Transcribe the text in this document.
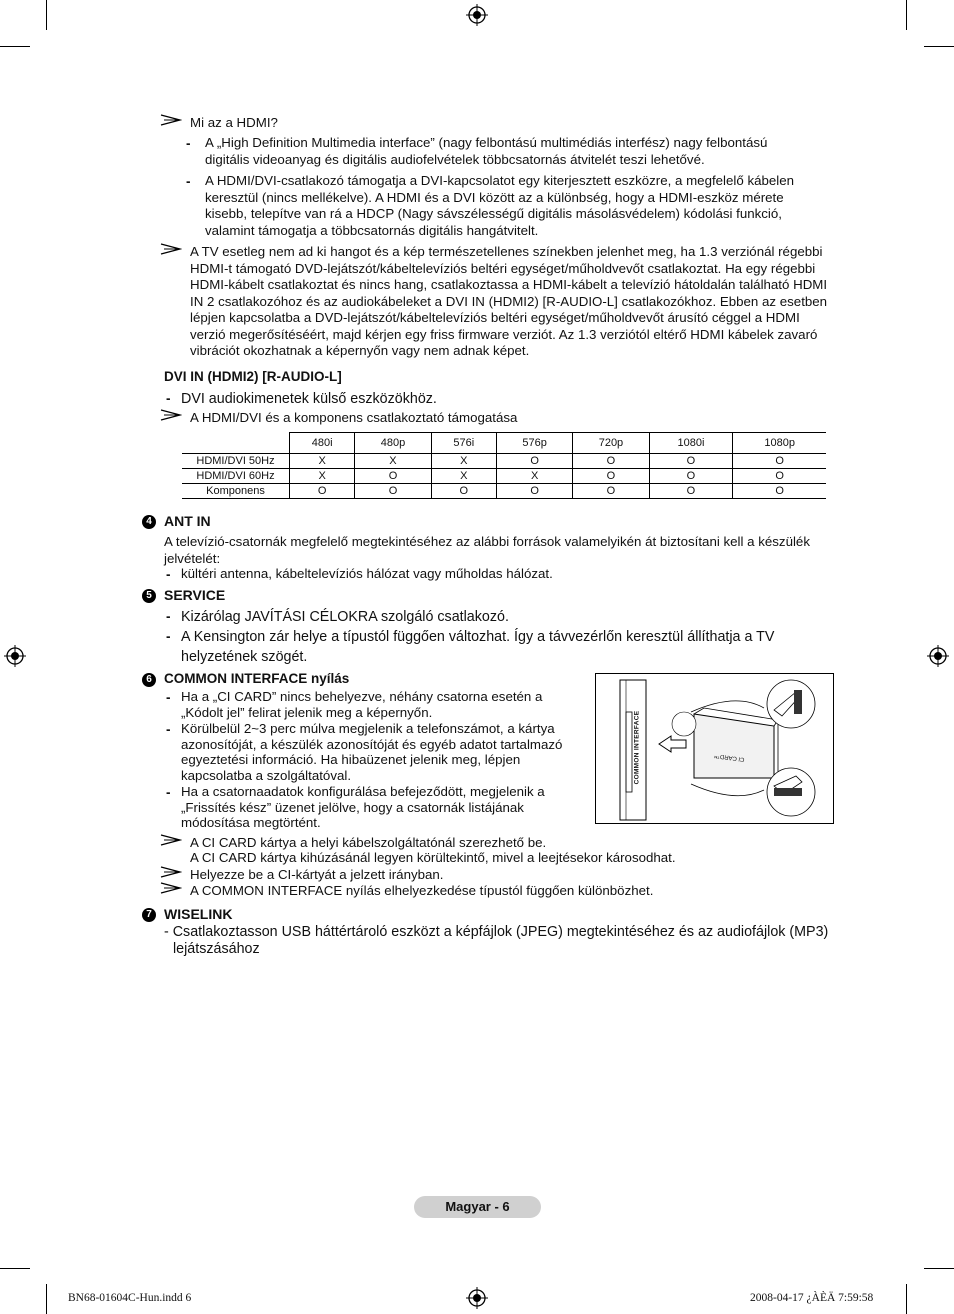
Mi az a HDMI?
- A „High Definition Multimedia interface” (nagy felbontású multimédiás interfész) nagy felbontású digitális videoanyag és digitális audiofelvételek többcsatornás átvitelét teszi lehetővé.
- A HDMI/DVI-csatlakozó támogatja a DVI-kapcsolatot egy kiterjesztett eszközre, a megfelelő kábelen keresztül (nincs mellékelve). A HDMI és a DVI között az a különbség, hogy a HDMI-eszköz mérete kisebb, telepítve van rá a HDCP (Nagy sávszélességű digitális másolásvédelem) kódolási funkció, valamint támogatja a többcsatornás digitális hangátvitelt.
A TV esetleg nem ad ki hangot és a kép természetellenes színekben jelenhet meg, ha 1.3 verziónál régebbi HDMI-t támogató DVD-lejátszót/kábeltelevíziós beltéri egységet/műholdvevőt csatlakoztat. Ha egy régebbi HDMI-kábelt csatlakoztat és nincs hang, csatlakoztassa a HDMI-kábelt a televízió hátoldalán található HDMI IN 2 csatlakozóhoz és az audiokábeleket a DVI IN (HDMI2) [R-AUDIO-L] csatlakozókhoz. Ebben az esetben lépjen kapcsolatba a DVD-lejátszót/kábeltelevíziós beltéri egységet/műholdvevőt árusító céggel a HDMI verzió megerősítéséért, majd kérjen egy friss firmware verziót. Az 1.3 verziótól eltérő HDMI kábelek zavaró vibrációt okozhatnak a képernyőn vagy nem adnak képet.
DVI IN (HDMI2) [R-AUDIO-L]
- DVI audiokimenetek külső eszközökhöz.
A HDMI/DVI és a komponens csatlakoztató támogatása
	480i	480p	576i	576p	720p	1080i	1080p
HDMI/DVI 50Hz	X	X	X	O	O	O	O
HDMI/DVI 60Hz	X	O	X	X	O	O	O
Komponens	O	O	O	O	O	O	O
4 ANT IN
A televízió-csatornák megfelelő megtekintéséhez az alábbi források valamelyikén át biztosítani kell a készülék jelvételét:
- kültéri antenna, kábeltelevíziós hálózat vagy műholdas hálózat.
5 SERVICE
- Kizárólag JAVÍTÁSI CÉLOKRA szolgáló csatlakozó.
- A Kensington zár helye a típustól függően változhat. Így a távvezérlőn keresztül állíthatja a TV
helyzetének szögét.
6 COMMON INTERFACE nyílás
- Ha a „CI CARD” nincs behelyezve, néhány csatorna esetén a „Kódolt jel” felirat jelenik meg a képernyőn.
- Körülbelül 2~3 perc múlva megjelenik a telefonszámot, a kártya azonosítóját, a készülék azonosítóját és egyéb adatot tartalmazó egyeztetési információ. Ha hibaüzenet jelenik meg, lépjen kapcsolatba a szolgáltatóval.
- Ha a csatornaadatok konfigurálása befejeződött, megjelenik a „Frissítés kész” üzenet jelölve, hogy a csatornák listájának módosítása megtörtént.
COMMON INTERFACE	CI CARD™
A CI CARD kártya a helyi kábelszolgáltatónál szerezhető be.
A CI CARD kártya kihúzásánál legyen körültekintő, mivel a leejtésekor károsodhat.
Helyezze be a CI-kártyát a jelzett irányban.
A COMMON INTERFACE nyílás elhelyezkedése típustól függően különbözhet.
7 WISELINK
- Csatlakoztasson USB háttértároló eszközt a képfájlok (JPEG) megtekintéséhez és az audiofájlok (MP3)
lejátszásához
Magyar - 6
BN68-01604C-Hun.indd 6	2008-04-17 ¿ÀÈÄ 7:59:58
